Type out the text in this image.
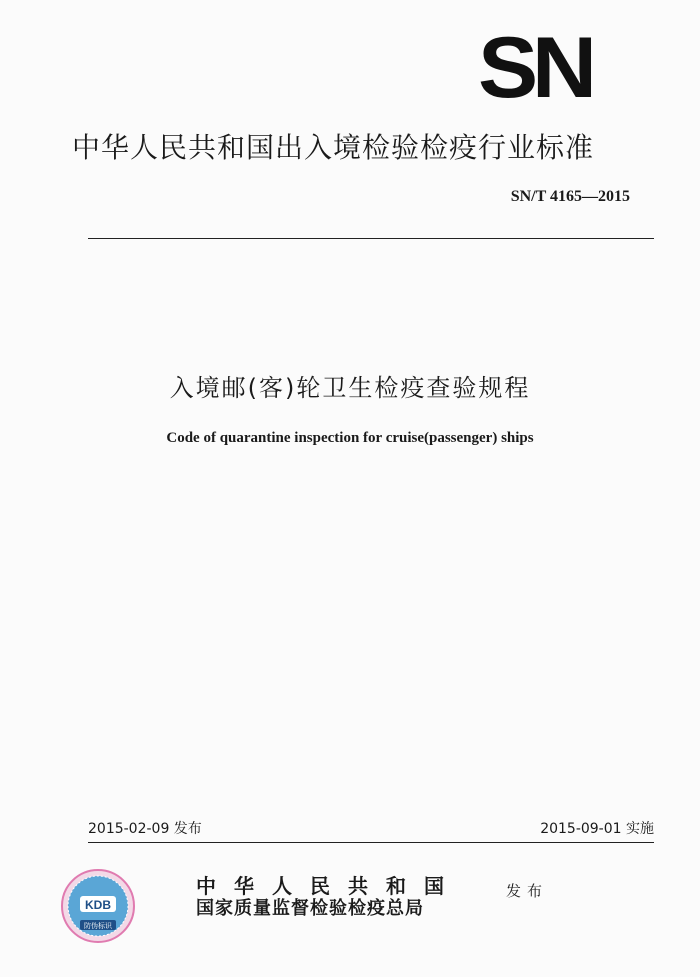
SN
中华人民共和国出入境检验检疫行业标准
SN/T 4165—2015
入境邮(客)轮卫生检疫查验规程
Code of quarantine inspection for cruise(passenger) ships
2015-02-09 发布	2015-09-01 实施
KDB
防伪标识
中华人民共和国
国家质量监督检验检疫总局
发布
